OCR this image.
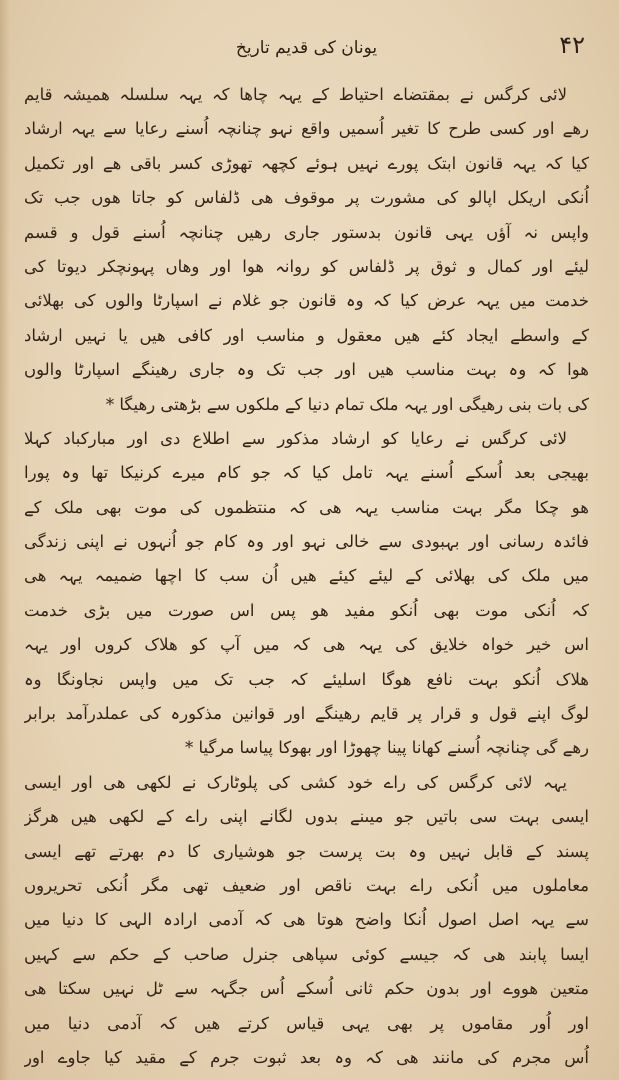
۴۲
یونان کی قدیم تاریخ
لائی کرگس نے بمقتضاے احتیاط کے یہہ چاھا کہ یہہ سلسلہ ھمیشہ قایم
رھے اور کسی طرح کا تغیر اُسمیں واقع نہو چنانچہ اُسنے رعایا سے یہہ ارشاد
کیا کہ یہہ قانون ابتک پورے نہیں ہوئے کچھہ تھوڑی کسر باقی ھے اور تکمیل
اُنکی اریکل اپالو کی مشورت پر موقوف ھی ڈلفاس کو جاتا ھوں جب تک
واپس نہ آؤں یہی قانون بدستور جاری رھیں چنانچہ اُسنے قول و قسم
لیئے اور کمال و ثوق پر ڈلفاس کو روانہ ھوا اور وھاں پہونچکر دیوتا کی
خدمت میں یہہ عرض کیا کہ وہ قانون جو غلام نے اسپارٹا والوں کی بھلائی
کے واسطے ایجاد کئے ھیں معقول و مناسب اور کافی ھیں یا نہیں ارشاد
ھوا کہ وہ بہت مناسب ھیں اور جب تک وہ جاری رھینگے اسپارٹا والوں
کی بات بنی رھیگی اور یہہ ملک تمام دنیا کے ملکوں سے بڑھتی رھیگا *
لائی کرگس نے رعایا کو ارشاد مذکور سے اطلاع دی اور مبارکباد کہلا
بھیجی بعد اُسکے اُسنے یہہ تامل کیا کہ جو کام میرے کرنیکا تھا وہ پورا
ھو چکا مگر بہت مناسب یہہ ھی کہ منتظموں کی موت بھی ملک کے
فائدہ رسانی اور بہبودی سے خالی نہو اور وہ کام جو اُنہوں نے اپنی زندگی
میں ملک کی بھلائی کے لیئے کیئے ھیں اُن سب کا اچھا ضمیمہ یہہ ھی
کہ اُنکی موت بھی اُنکو مفید ھو پس اس صورت میں بڑی خدمت
اس خیر خواہ خلایق کی یہہ ھی کہ میں آپ کو ھلاک کروں اور یہہ
ھلاک اُنکو بہت نافع ھوگا اسلیئے کہ جب تک میں واپس نجاونگا وہ
لوگ اپنے قول و قرار پر قایم رھینگے اور قوانین مذکورہ کی عملدرآمد برابر
رھے گی چنانچہ اُسنے کھانا پینا چھوڑا اور بھوکا پیاسا مرگیا *
یہہ لائی کرگس کی راے خود کشی کی پلوٹارک نے لکھی ھی اور ایسی
ایسی بہت سی باتیں جو میںنے بدوں لگانے اپنی راے کے لکھی ھیں ھرگز
پسند کے قابل نہیں وہ بت پرست جو ھوشیاری کا دم بھرتے تھے ایسی
معاملوں میں اُنکی راے بہت ناقص اور ضعیف تھی مگر اُنکی تحریروں
سے یہہ اصل اصول اُنکا واضح ھوتا ھی کہ آدمی ارادہ الہی کا دنیا میں
ایسا پابند ھی کہ جیسے کوئی سپاھی جنرل صاحب کے حکم سے کہیں
متعین ھووے اور بدون حکم ثانی اُسکے اُس جگہہ سے ٹل نہیں سکتا ھی
اور اُور مقاموں پر بھی یہی قیاس کرتے ھیں کہ آدمی دنیا میں
اُس مجرم کی مانند ھی کہ وہ بعد ثبوت جرم کے مقید کیا جاوے اور
